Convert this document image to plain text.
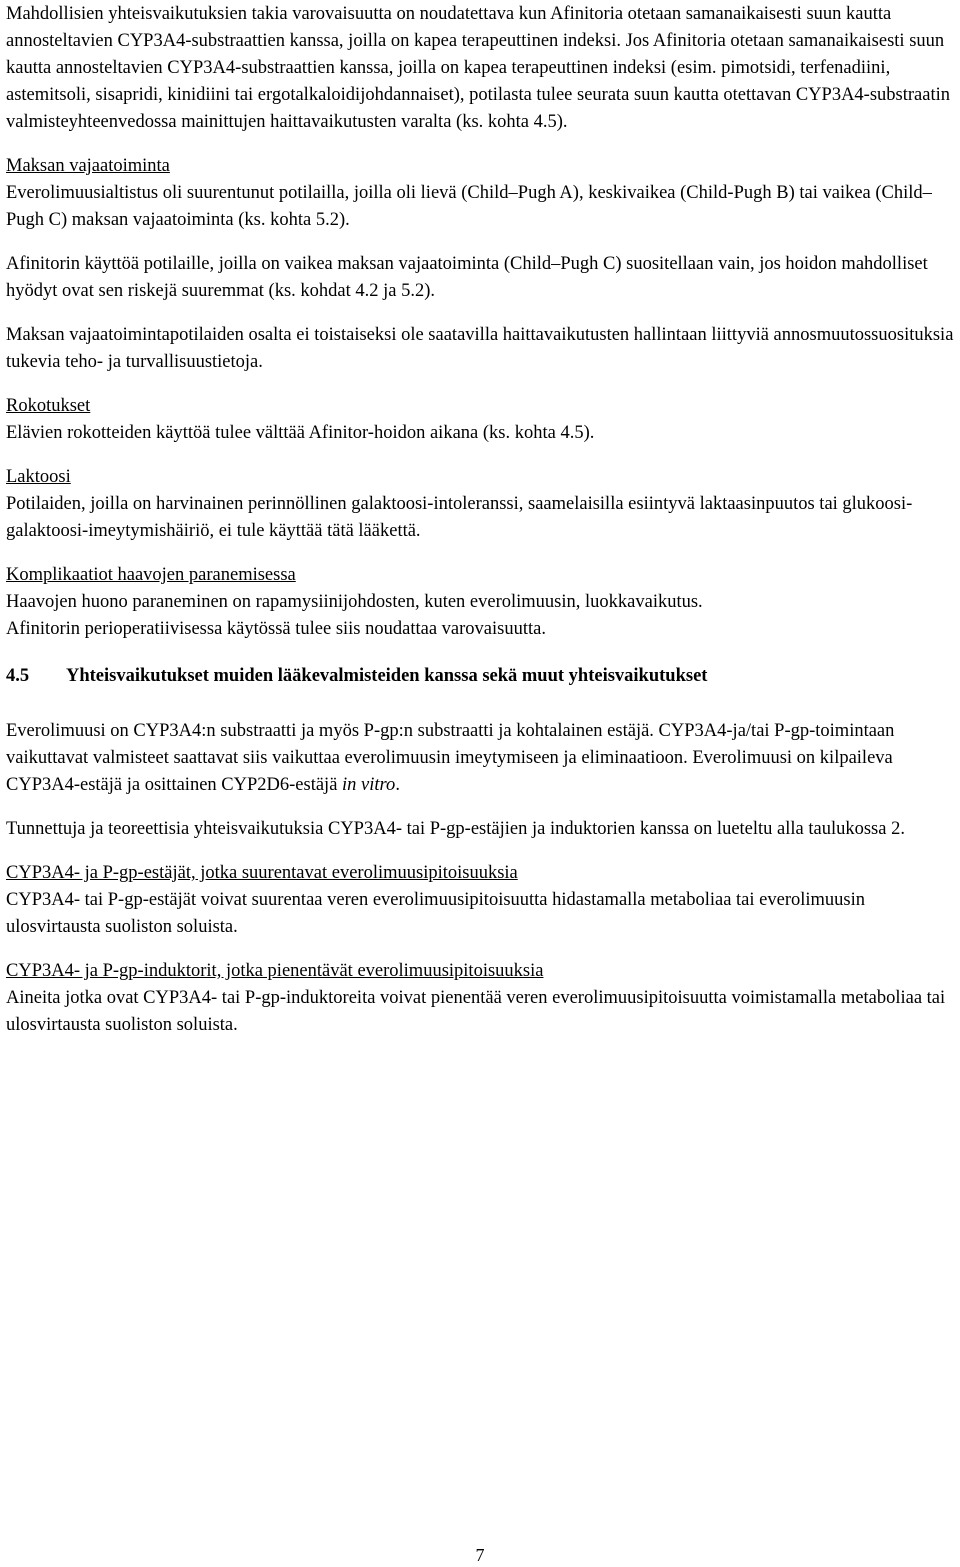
Mahdollisien yhteisvaikutuksien takia varovaisuutta on noudatettava kun Afinitoria otetaan samanaikaisesti suun kautta annosteltavien CYP3A4-substraattien kanssa, joilla on kapea terapeuttinen indeksi. Jos Afinitoria otetaan samanaikaisesti suun kautta annosteltavien CYP3A4-substraattien kanssa, joilla on kapea terapeuttinen indeksi (esim. pimotsidi, terfenadiini, astemitsoli, sisapridi, kinidiini tai ergotalkaloidijohdannaiset), potilasta tulee seurata suun kautta otettavan CYP3A4-substraatin valmisteyhteenvedossa mainittujen haittavaikutusten varalta (ks. kohta 4.5).

Maksan vajaatoiminta

Everolimuusialtistus oli suurentunut potilailla, joilla oli lievä (Child–Pugh A), keskivaikea (Child-Pugh B) tai vaikea (Child–Pugh C) maksan vajaatoiminta (ks. kohta 5.2).

Afinitorin käyttöä potilaille, joilla on vaikea maksan vajaatoiminta (Child–Pugh C) suositellaan vain, jos hoidon mahdolliset hyödyt ovat sen riskejä suuremmat (ks. kohdat 4.2 ja 5.2).

Maksan vajaatoimintapotilaiden osalta ei toistaiseksi ole saatavilla haittavaikutusten hallintaan liittyviä annosmuutossuosituksia tukevia teho- ja turvallisuustietoja.

Rokotukset

Elävien rokotteiden käyttöä tulee välttää Afinitor-hoidon aikana (ks. kohta 4.5).

Laktoosi

Potilaiden, joilla on harvinainen perinnöllinen galaktoosi-intoleranssi, saamelaisilla esiintyvä laktaasinpuutos tai glukoosi-galaktoosi-imeytymishäiriö, ei tule käyttää tätä lääkettä.

Komplikaatiot haavojen paranemisessa

Haavojen huono paraneminen on rapamysiinijohdosten, kuten everolimuusin, luokkavaikutus.

Afinitorin perioperatiivisessa käytössä tulee siis noudattaa varovaisuutta.

4.5	Yhteisvaikutukset muiden lääkevalmisteiden kanssa sekä muut yhteisvaikutukset

Everolimuusi on CYP3A4:n substraatti ja myös P-gp:n substraatti ja kohtalainen estäjä. CYP3A4-ja/tai P-gp-toimintaan vaikuttavat valmisteet saattavat siis vaikuttaa everolimuusin imeytymiseen ja eliminaatioon. Everolimuusi on kilpaileva CYP3A4-estäjä ja osittainen CYP2D6-estäjä in vitro.

Tunnettuja ja teoreettisia yhteisvaikutuksia CYP3A4- tai P-gp-estäjien ja induktorien kanssa on lueteltu alla taulukossa 2.

CYP3A4- ja P-gp-estäjät, jotka suurentavat everolimuusipitoisuuksia

CYP3A4- tai P-gp-estäjät voivat suurentaa veren everolimuusipitoisuutta hidastamalla metaboliaa tai everolimuusin ulosvirtausta suoliston soluista.

CYP3A4- ja P-gp-induktorit, jotka pienentävät everolimuusipitoisuuksia

Aineita jotka ovat CYP3A4- tai P-gp-induktoreita voivat pienentää veren everolimuusipitoisuutta voimistamalla metaboliaa tai ulosvirtausta suoliston soluista.

7
